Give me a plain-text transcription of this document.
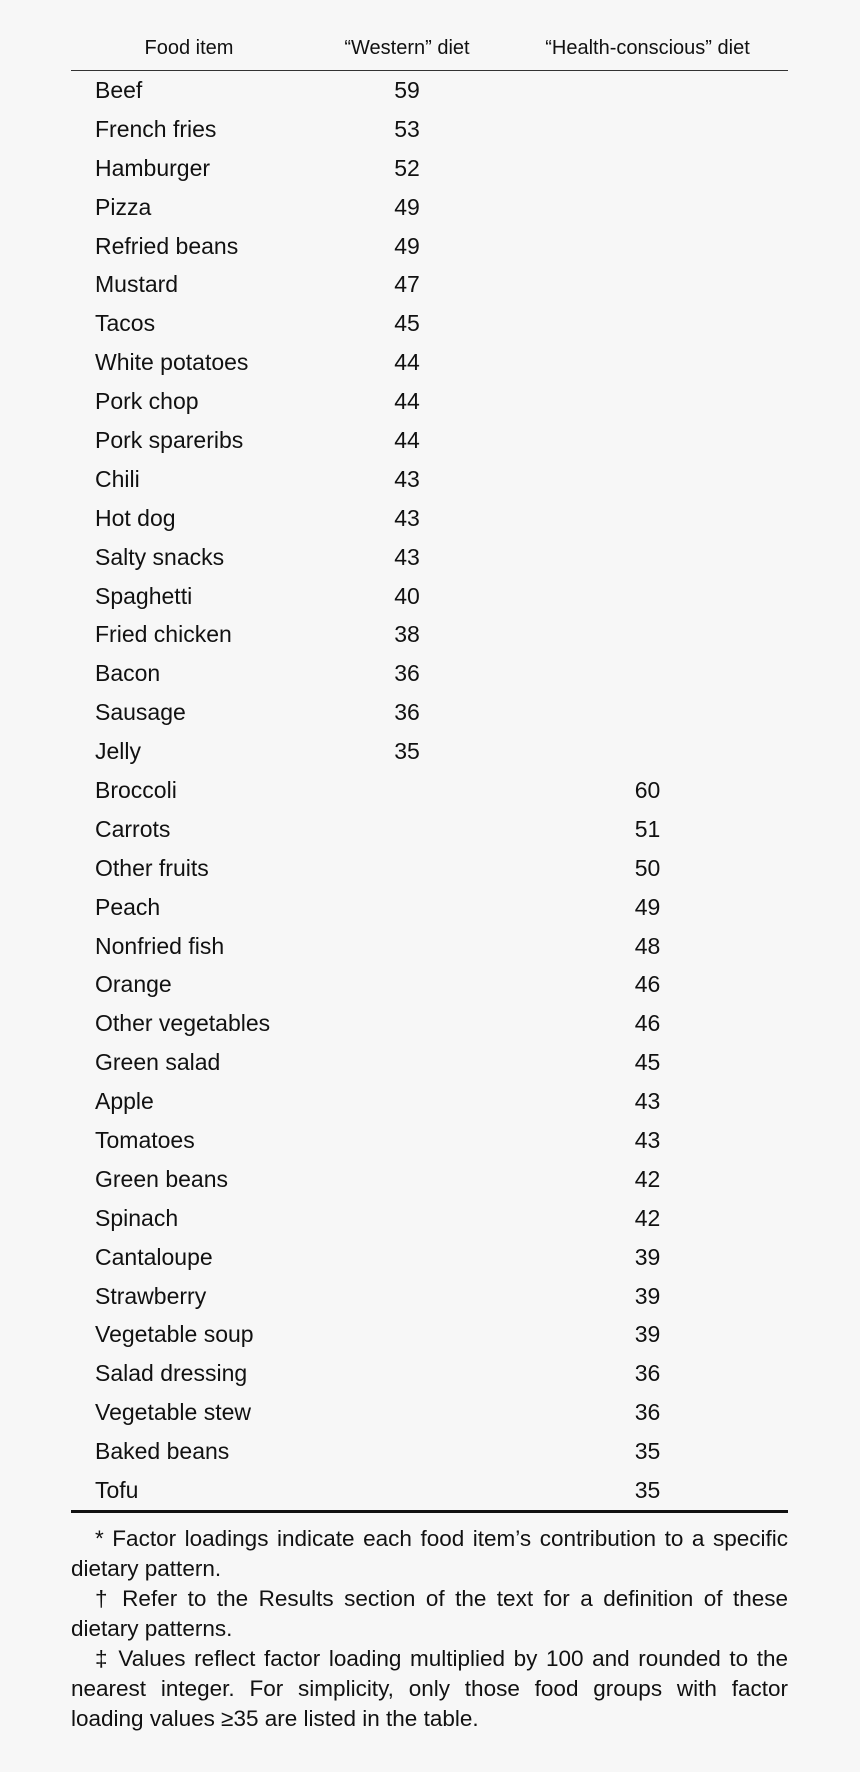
Food item	“Western” diet	“Health-conscious” diet
Beef	59	
French fries	53	
Hamburger	52	
Pizza	49	
Refried beans	49	
Mustard	47	
Tacos	45	
White potatoes	44	
Pork chop	44	
Pork spareribs	44	
Chili	43	
Hot dog	43	
Salty snacks	43	
Spaghetti	40	
Fried chicken	38	
Bacon	36	
Sausage	36	
Jelly	35	
Broccoli		60
Carrots		51
Other fruits		50
Peach		49
Nonfried fish		48
Orange		46
Other vegetables		46
Green salad		45
Apple		43
Tomatoes		43
Green beans		42
Spinach		42
Cantaloupe		39
Strawberry		39
Vegetable soup		39
Salad dressing		36
Vegetable stew		36
Baked beans		35
Tofu		35

* Factor loadings indicate each food item’s contribution to a specific dietary pattern.

† Refer to the Results section of the text for a definition of these dietary patterns.

‡ Values reflect factor loading multiplied by 100 and rounded to the nearest integer. For simplicity, only those food groups with factor loading values ≥35 are listed in the table.
